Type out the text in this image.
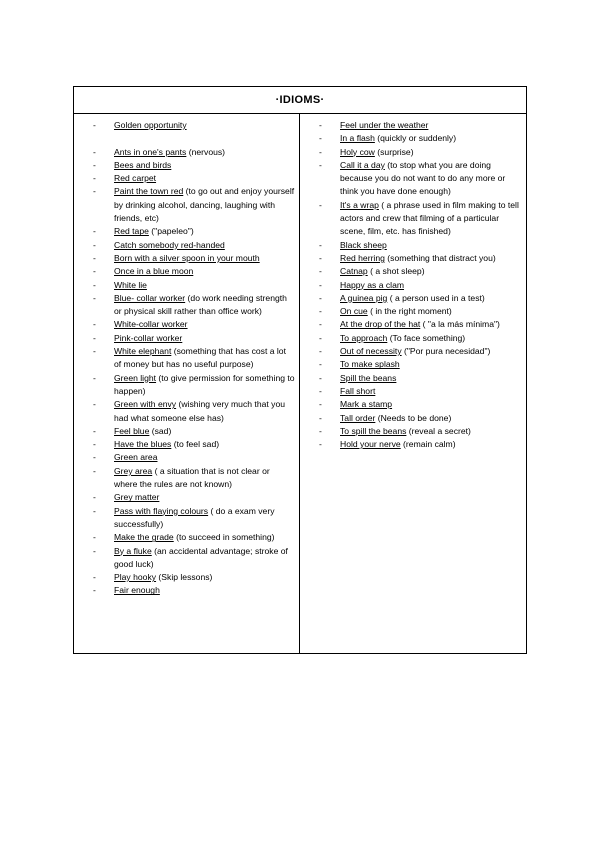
·IDIOMS·
- Golden opportunity
- Ants in one's pants (nervous)
- Bees and birds
- Red carpet
- Paint the town red (to go out and enjoy yourself by drinking alcohol, dancing, laughing with friends, etc)
- Red tape ("papeleo")
- Catch somebody red-handed
- Born with a silver spoon in your mouth
- Once in a blue moon
- White lie
- Blue- collar worker (do work needing strength or physical skill rather than office work)
- White-collar worker
- Pink-collar worker
- White elephant (something that has cost a lot of money but has no useful purpose)
- Green light (to give permission for something to happen)
- Green with envy (wishing very much that you had what someone else has)
- Feel blue (sad)
- Have the blues (to feel sad)
- Green area
- Grey area ( a situation that is not clear or where the rules are not known)
- Grey matter
- Pass with flaying colours ( do a exam very successfully)
- Make the grade (to succeed in something)
- By a fluke (an accidental advantage; stroke of good luck)
- Play hooky (Skip lessons)
- Fair enough
- Feel under the weather
- In a flash (quickly or suddenly)
- Holy cow (surprise)
- Call it a day (to stop what you are doing because you do not want to do any more or think you have done enough)
- It's a wrap ( a phrase used in film making to tell actors and crew that filming of a particular scene, film, etc. has finished)
- Black sheep
- Red herring (something that distract you)
- Catnap ( a shot sleep)
- Happy as a clam
- A guinea pig ( a person used in a test)
- On cue ( in the right moment)
- At the drop of the hat ( "a la más mínima")
- To approach (To face something)
- Out of necessity ("Por pura necesidad")
- To make splash
- Spill the beans
- Fall short
- Mark a stamp
- Tall order (Needs to be done)
- To spill the beans (reveal a secret)
- Hold your nerve (remain calm)
